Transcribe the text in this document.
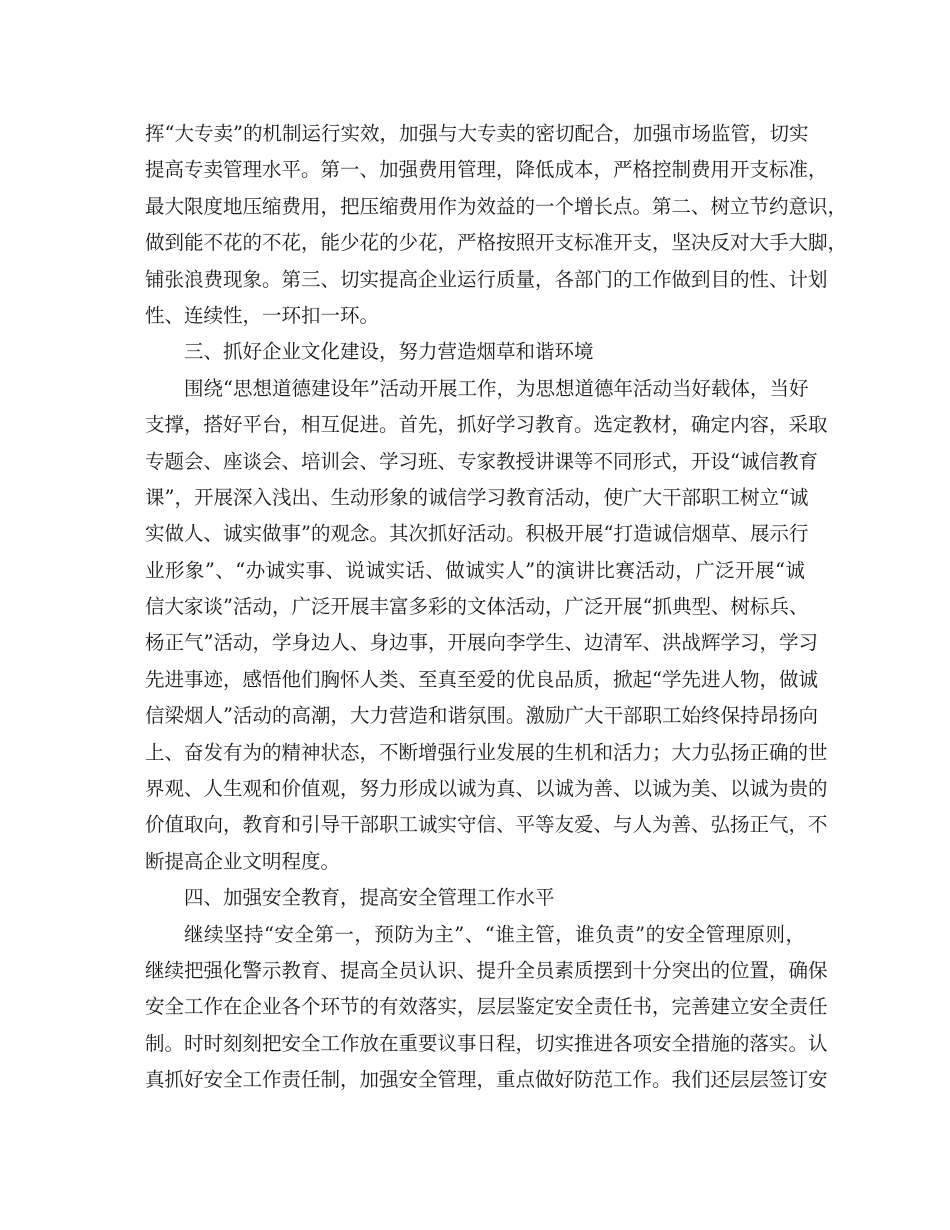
挥“大专卖”的机制运行实效，加强与大专卖的密切配合，加强市场监管，切实
提高专卖管理水平。第一、加强费用管理，降低成本，严格控制费用开支标准，
最大限度地压缩费用，把压缩费用作为效益的一个增长点。第二、树立节约意识，
做到能不花的不花，能少花的少花，严格按照开支标准开支，坚决反对大手大脚，
铺张浪费现象。第三、切实提高企业运行质量，各部门的工作做到目的性、计划
性、连续性，一环扣一环。
三、抓好企业文化建设，努力营造烟草和谐环境
围绕“思想道德建设年”活动开展工作，为思想道德年活动当好载体，当好
支撑，搭好平台，相互促进。首先，抓好学习教育。选定教材，确定内容，采取
专题会、座谈会、培训会、学习班、专家教授讲课等不同形式，开设“诚信教育
课”，开展深入浅出、生动形象的诚信学习教育活动，使广大干部职工树立“诚
实做人、诚实做事”的观念。其次抓好活动。积极开展“打造诚信烟草、展示行
业形象”、“办诚实事、说诚实话、做诚实人”的演讲比赛活动，广泛开展“诚
信大家谈”活动，广泛开展丰富多彩的文体活动，广泛开展“抓典型、树标兵、
杨正气”活动，学身边人、身边事，开展向李学生、边清军、洪战辉学习，学习
先进事迹，感悟他们胸怀人类、至真至爱的优良品质，掀起“学先进人物，做诚
信梁烟人”活动的高潮，大力营造和谐氛围。激励广大干部职工始终保持昂扬向
上、奋发有为的精神状态，不断增强行业发展的生机和活力；大力弘扬正确的世
界观、人生观和价值观，努力形成以诚为真、以诚为善、以诚为美、以诚为贵的
价值取向，教育和引导干部职工诚实守信、平等友爱、与人为善、弘扬正气，不
断提高企业文明程度。
四、加强安全教育，提高安全管理工作水平
继续坚持“安全第一，预防为主”、“谁主管，谁负责”的安全管理原则，
继续把强化警示教育、提高全员认识、提升全员素质摆到十分突出的位置，确保
安全工作在企业各个环节的有效落实，层层鉴定安全责任书，完善建立安全责任
制。时时刻刻把安全工作放在重要议事日程，切实推进各项安全措施的落实。认
真抓好安全工作责任制，加强安全管理，重点做好防范工作。我们还层层签订安
